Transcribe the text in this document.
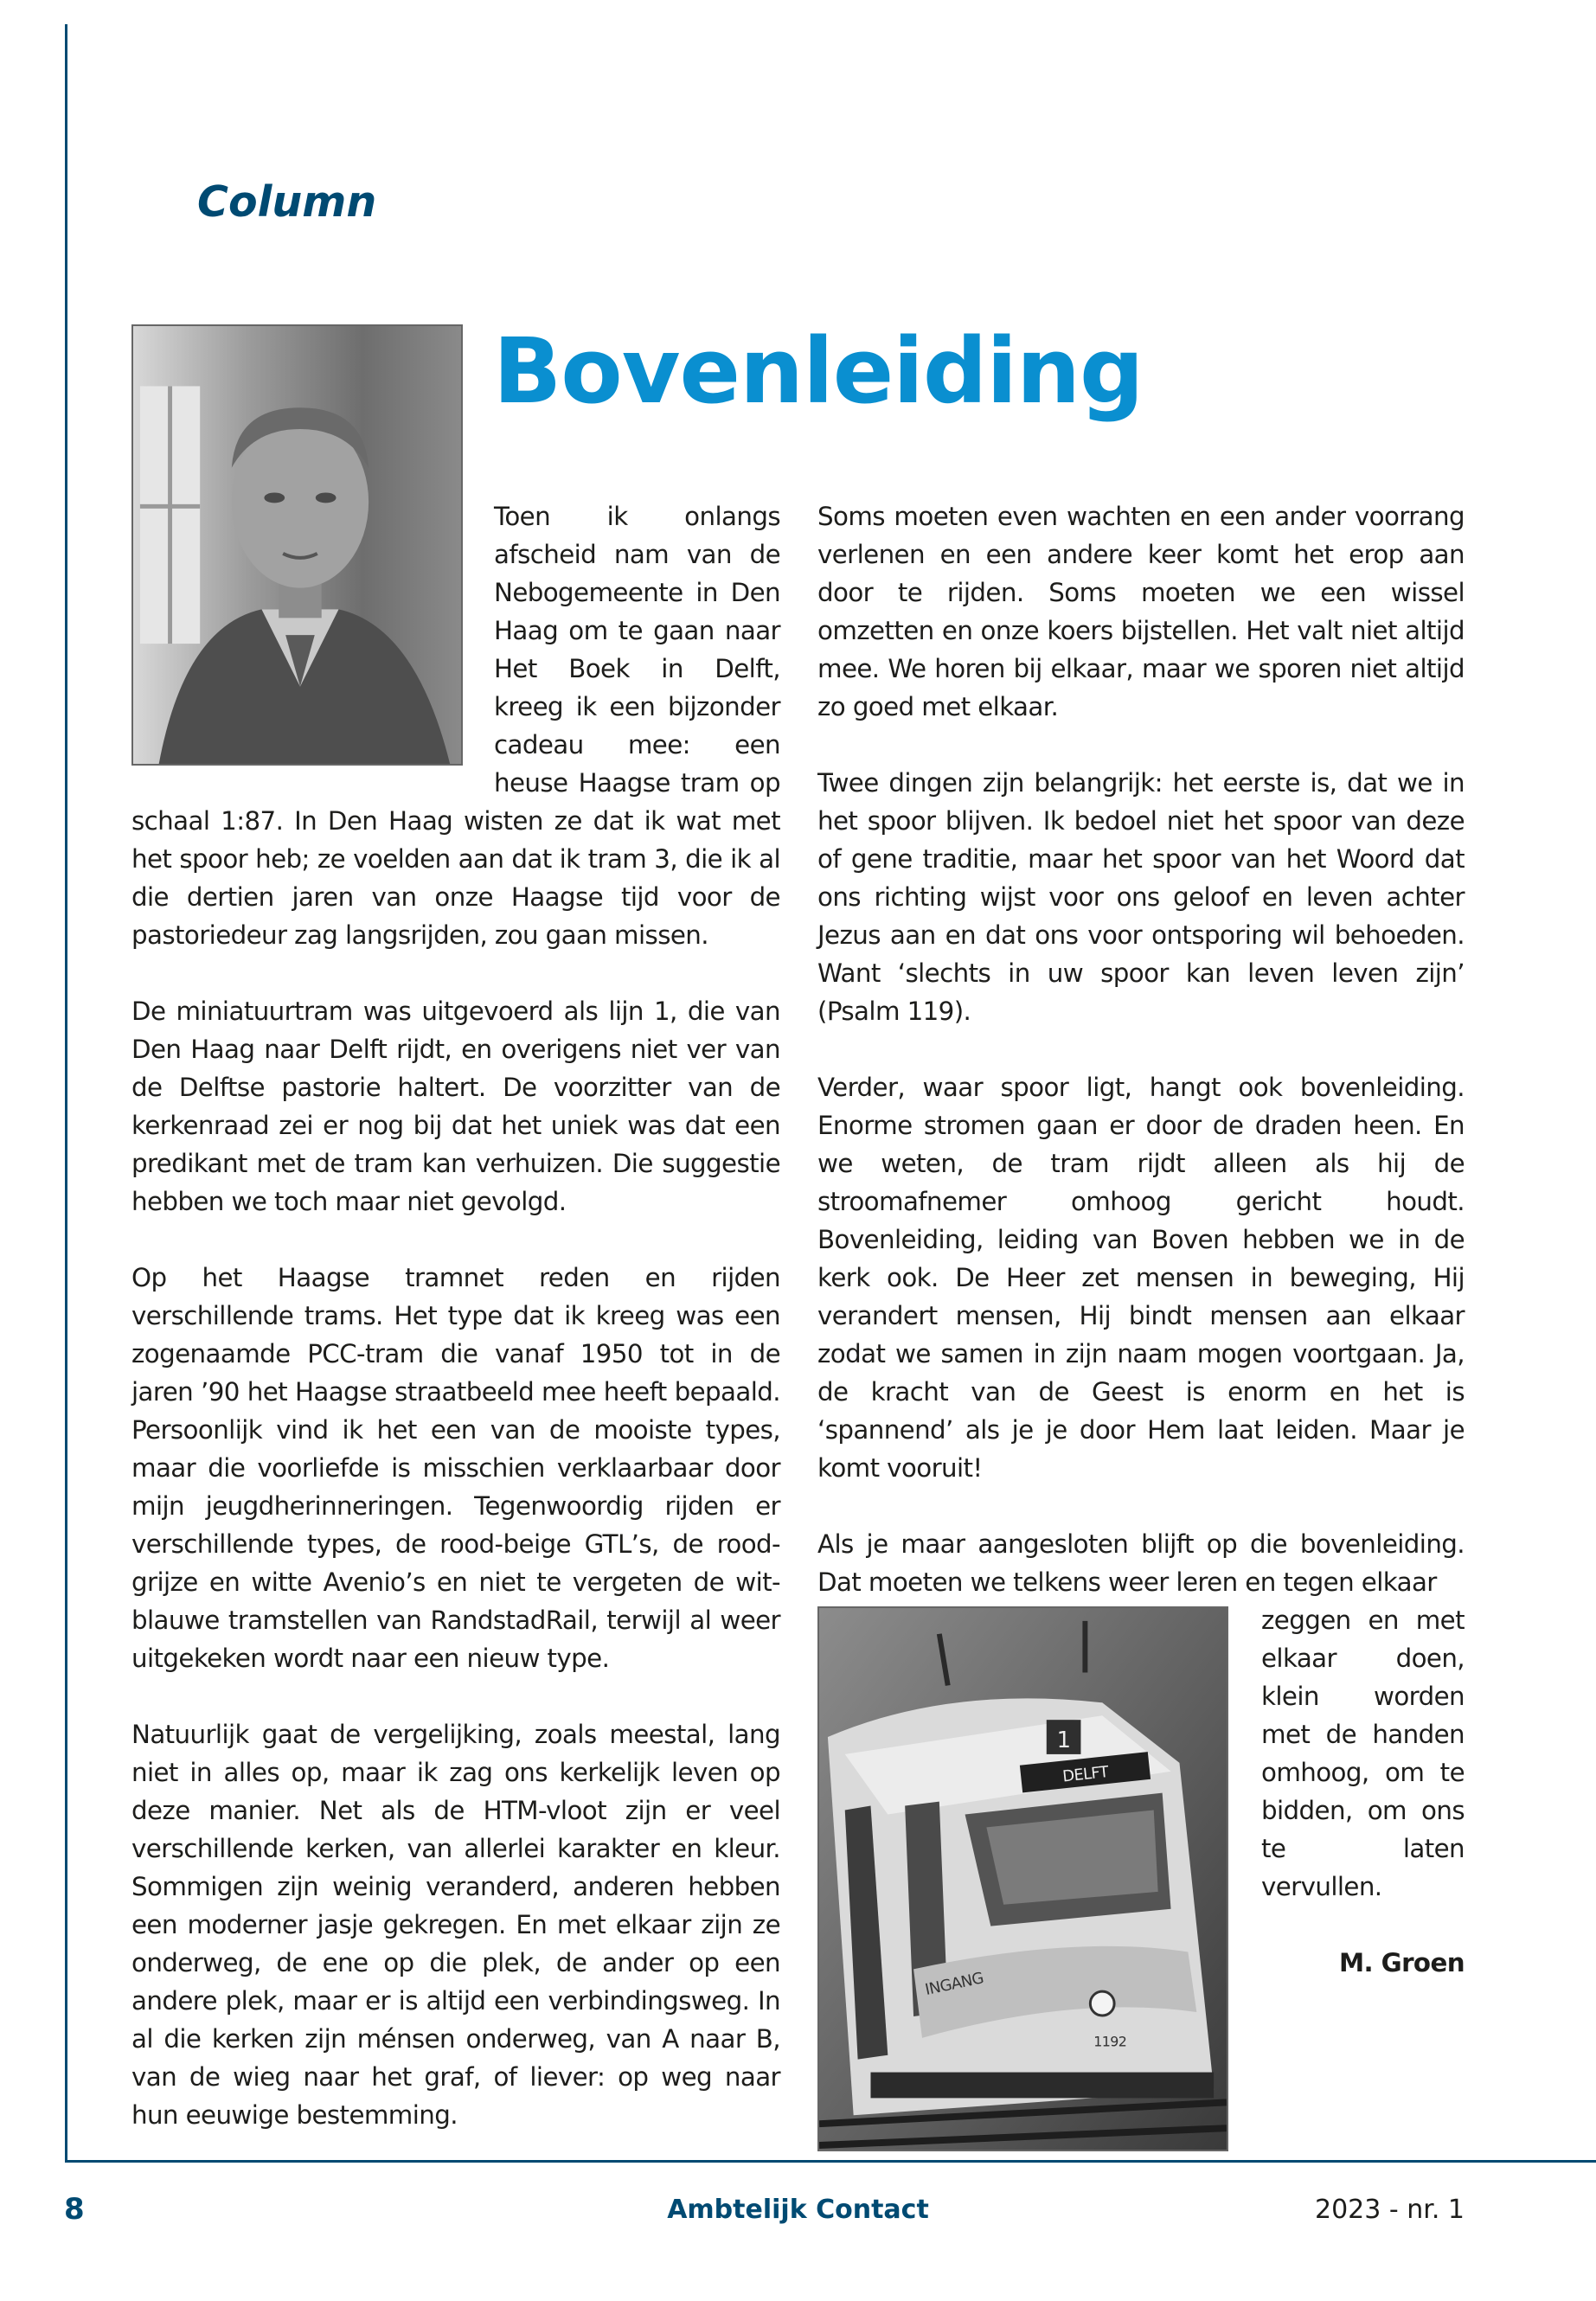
Column
Bovenleiding

Toen ik onlangs afscheid nam van de Nebogemeente in Den Haag om te gaan naar Het Boek in Delft, kreeg ik een bijzonder cadeau mee: een heuse Haagse tram op schaal 1:87. In Den Haag wisten ze dat ik wat met het spoor heb; ze voelden aan dat ik tram 3, die ik al die dertien jaren van onze Haagse tijd voor de pastoriedeur zag langsrijden, zou gaan missen.

De miniatuurtram was uitgevoerd als lijn 1, die van Den Haag naar Delft rijdt, en overigens niet ver van de Delftse pastorie haltert. De voorzitter van de kerkenraad zei er nog bij dat het uniek was dat een predikant met de tram kan verhuizen. Die suggestie hebben we toch maar niet gevolgd.

Op het Haagse tramnet reden en rijden verschillende trams. Het type dat ik kreeg was een zogenaamde PCC-tram die vanaf 1950 tot in de jaren ’90 het Haagse straatbeeld mee heeft bepaald. Persoonlijk vind ik het een van de mooiste types, maar die voorliefde is misschien verklaarbaar door mijn jeugdherinneringen. Tegenwoordig rijden er verschillende types, de rood-beige GTL’s, de rood-grijze en witte Avenio’s en niet te vergeten de wit-blauwe tramstellen van RandstadRail, terwijl al weer uitgekeken wordt naar een nieuw type.

Natuurlijk gaat de vergelijking, zoals meestal, lang niet in alles op, maar ik zag ons kerkelijk leven op deze manier. Net als de HTM-vloot zijn er veel verschillende kerken, van allerlei karakter en kleur. Sommigen zijn weinig veranderd, anderen hebben een moderner jasje gekregen. En met elkaar zijn ze onderweg, de ene op die plek, de ander op een andere plek, maar er is altijd een verbindingsweg. In al die kerken zijn ménsen onderweg, van A naar B, van de wieg naar het graf, of liever: op weg naar hun eeuwige bestemming.

Soms moeten even wachten en een ander voorrang verlenen en een andere keer komt het erop aan door te rijden. Soms moeten we een wissel omzetten en onze koers bijstellen. Het valt niet altijd mee. We horen bij elkaar, maar we sporen niet altijd zo goed met elkaar.

Twee dingen zijn belangrijk: het eerste is, dat we in het spoor blijven. Ik bedoel niet het spoor van deze of gene traditie, maar het spoor van het Woord dat ons richting wijst voor ons geloof en leven achter Jezus aan en dat ons voor ontsporing wil behoeden. Want ‘slechts in uw spoor kan leven leven zijn’ (Psalm 119).

Verder, waar spoor ligt, hangt ook bovenleiding. Enorme stromen gaan er door de draden heen. En we weten, de tram rijdt alleen als hij de stroomafnemer omhoog gericht houdt. Bovenleiding, leiding van Boven hebben we in de kerk ook. De Heer zet mensen in beweging, Hij verandert mensen, Hij bindt mensen aan elkaar zodat we samen in zijn naam mogen voortgaan. Ja, de kracht van de Geest is enorm en het is ‘spannend’ als je je door Hem laat leiden. Maar je komt vooruit!

Als je maar aangesloten blijft op die bovenleiding. Dat moeten we telkens weer leren en tegen elkaar
1
DELFT
INGANG
1192

zeggen en met elkaar doen, klein worden met de handen omhoog, om te bidden, om ons te laten vervullen.

M. Groen

8	Ambtelijk Contact	2023 - nr. 1
